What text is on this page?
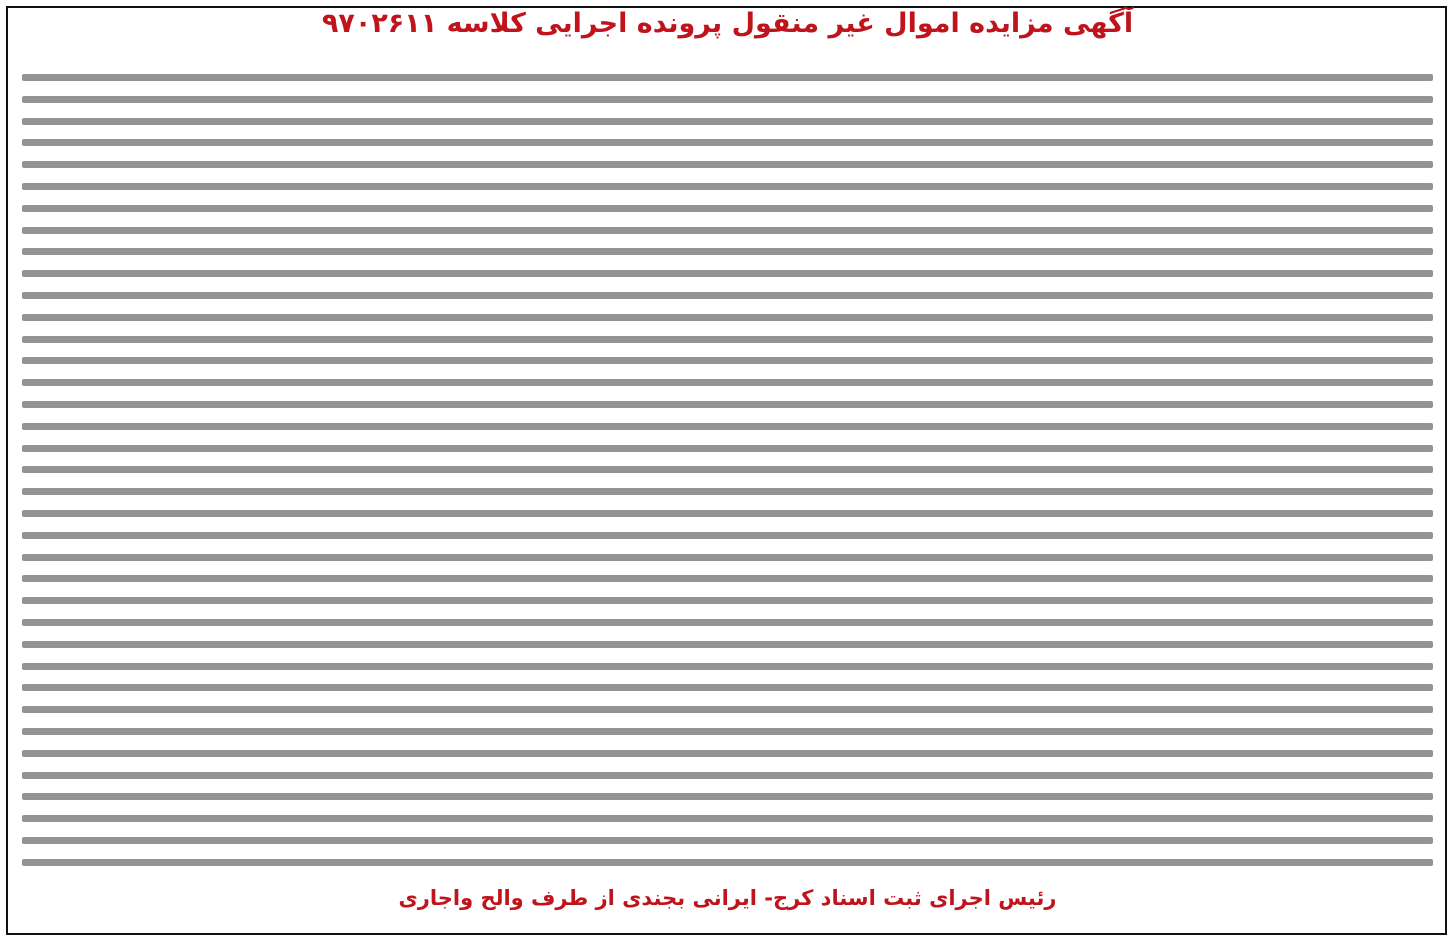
آگهی مزایده اموال غیر منقول پرونده اجرایی کلاسه ۹۷۰۲۶۱۱
رئیس اجرای ثبت اسناد کرج- ایرانی بجندی از طرف والح واجاری
